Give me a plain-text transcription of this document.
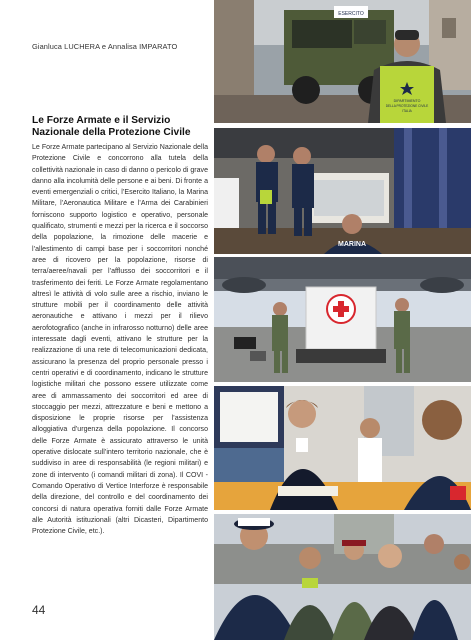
Gianluca LUCHERA e Annalisa IMPARATO
Le Forze Armate e il Servizio Nazionale della Protezione Civile
Le Forze Armate partecipano al Servizio Nazionale della Protezione Civile e concorrono alla tutela della collettività nazionale in caso di danno o pericolo di grave danno alla incolumità delle persone e ai beni. Di fronte a eventi emergenziali o critici, l’Esercito Italiano, la Marina Militare, l’Aeronautica Militare e l’Arma dei Carabinieri forniscono supporto logistico e operativo, personale qualificato, strumenti e mezzi per la ricerca e il soccorso della popolazione, la rimozione delle macerie e l’allestimento di campi base per i soccorritori nonché aree di ricovero per la popolazione, risorse di terra/aeree/navali per l’afflusso dei soccorritori e il trasferimento dei feriti. Le Forze Armate regolamentano altresì le attività di volo sulle aree a rischio, inviano le strutture mobili per il coordinamento delle attività aeronautiche e attivano i mezzi per il rilievo aerofotografico (anche in infrarosso notturno) delle aree interessate dagli eventi, attivano le strutture per la realizzazione di una rete di telecomunicazioni dedicata, assicurano la presenza del proprio personale presso i centri operativi e di coordinamento, indicano le strutture logistiche militari che possono essere utilizzate come aree di ammassamento dei soccorritori ed aree di stoccaggio per mezzi, attrezzature e beni e mettono a disposizione le proprie risorse per l’assistenza alloggiativa d’urgenza della popolazione. Il concorso delle Forze Armate è assicurato attraverso le unità operative dislocate sull’intero territorio nazionale, che è suddiviso in aree di responsabilità (le regioni militari) e zone di intervento (i comandi militari di zona). Il COVI - Comando Operativo di Vertice Interforze è responsabile della direzione, del controllo e del coordinamento dei concorsi di natura operativa forniti dalle Forze Armate alle Autorità istituzionali (altri Dicasteri, Dipartimento Protezione Civile, etc.).
44
ESERCITO
DIPARTIMENTO
DELLA PROTEZIONE CIVILE
ITALIA
MARINA
